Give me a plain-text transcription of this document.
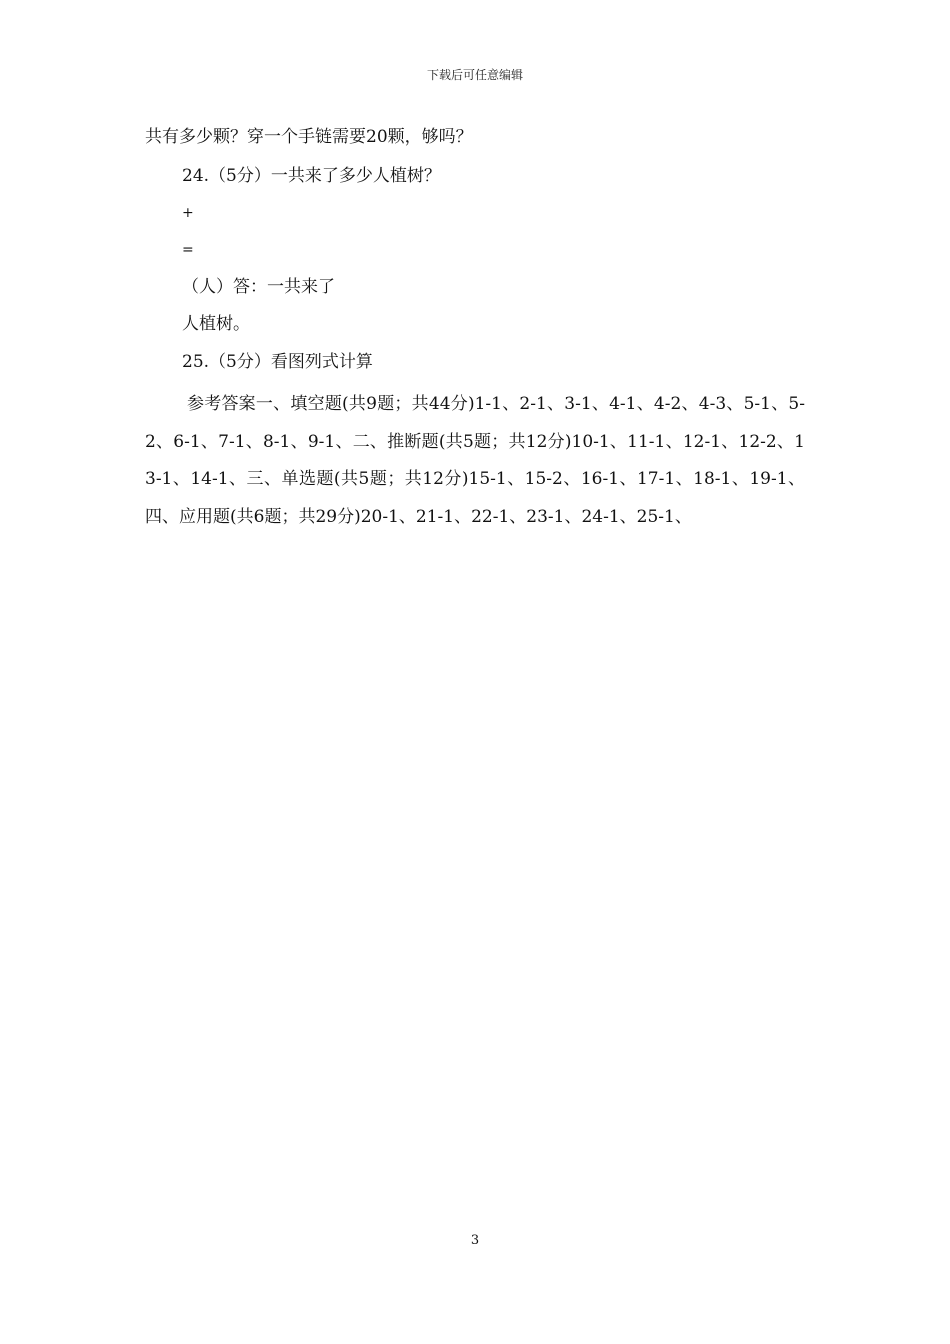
下载后可任意编辑
共有多少颗？穿一个手链需要20颗，够吗？
24.（5分）一共来了多少人植树？
+
=
（人）答：一共来了
人植树。
25.（5分）看图列式计算
参考答案一、填空题(共9题；共44分)1-1、2-1、3-1、4-1、4-2、4-3、5-1、5-2、6-1、7-1、8-1、9-1、二、推断题(共5题；共12分)10-1、11-1、12-1、12-2、13-1、14-1、三、单选题(共5题；共12分)15-1、15-2、16-1、17-1、18-1、19-1、四、应用题(共6题；共29分)20-1、21-1、22-1、23-1、24-1、25-1、
3
